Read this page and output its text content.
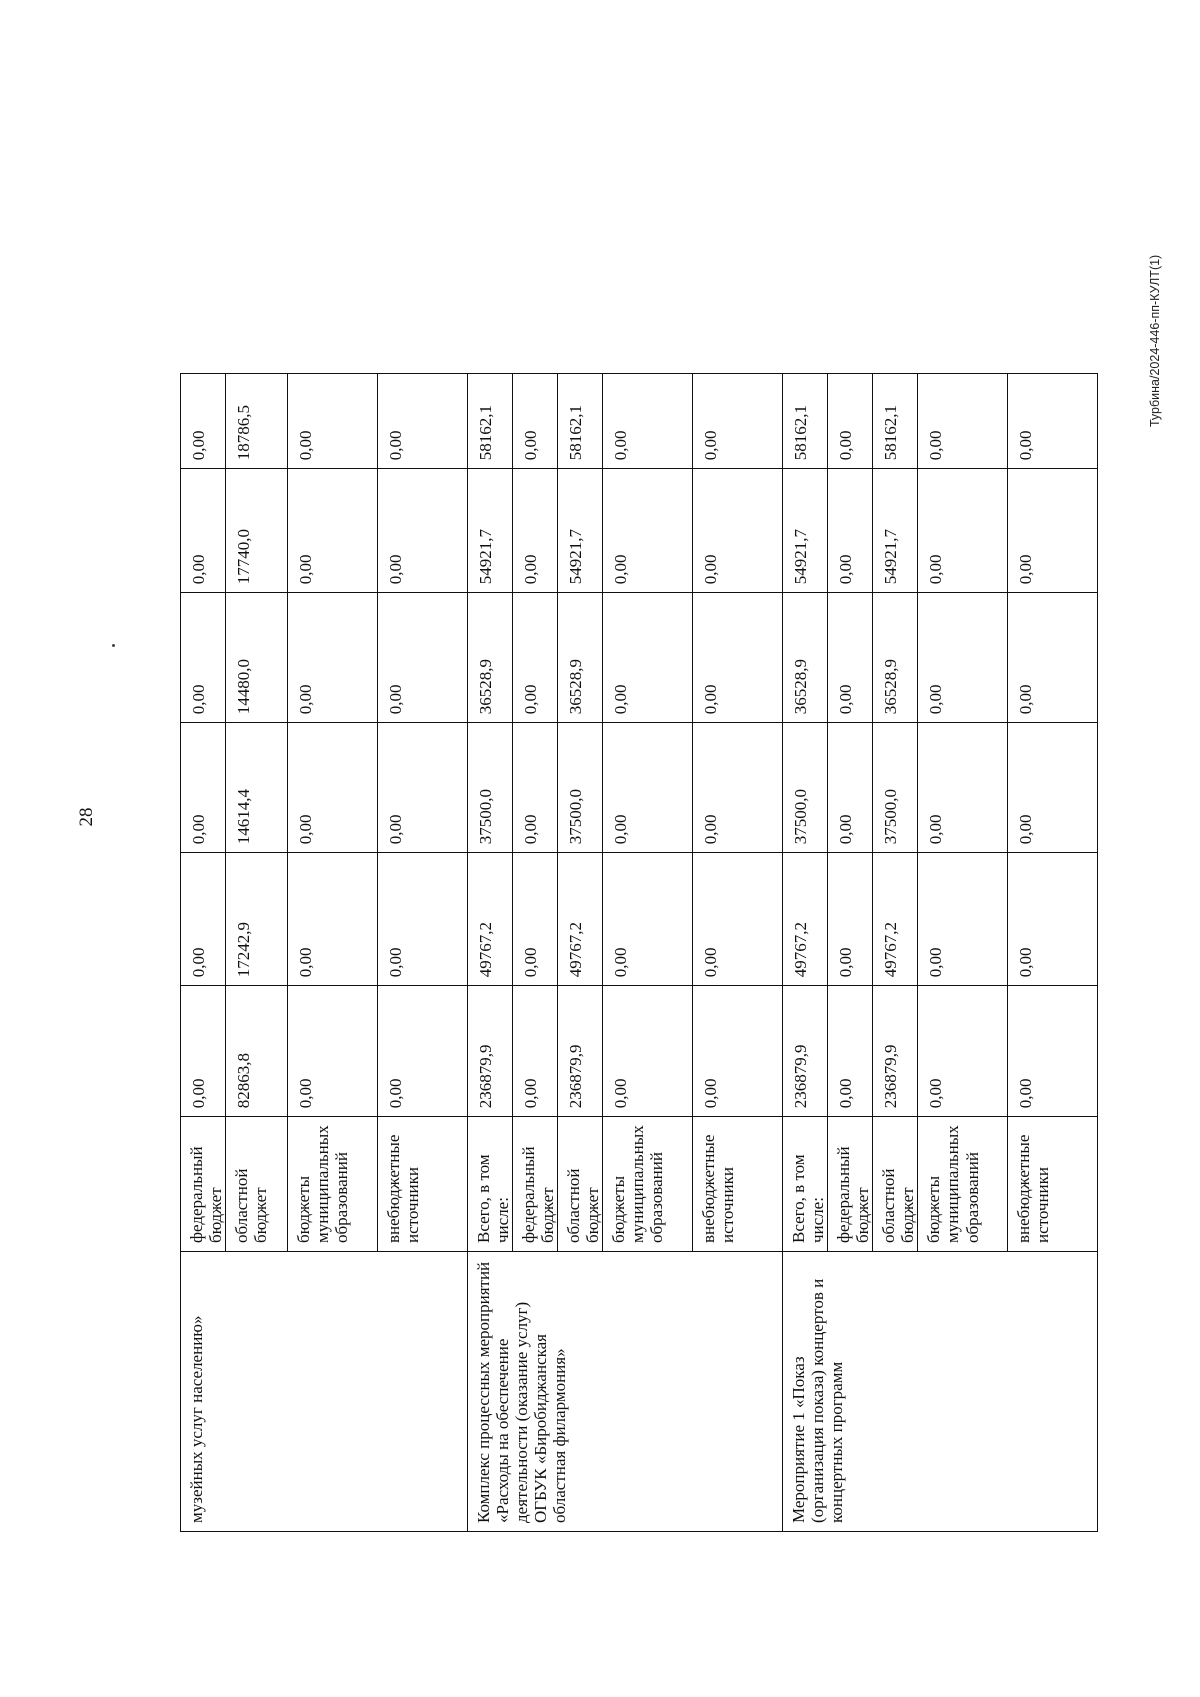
28
музейных услуг населению»	федеральный бюджет	0,00	0,00	0,00	0,00	0,00	0,00
	областной бюджет	82863,8	17242,9	14614,4	14480,0	17740,0	18786,5
	бюджеты муниципальных образований	0,00	0,00	0,00	0,00	0,00	0,00
	внебюджетные источники	0,00	0,00	0,00	0,00	0,00	0,00
Комплекс процессных мероприятий «Расходы на обеспечение деятельности (оказание услуг) ОГБУК «Биробиджанская областная филармония»	Всего, в том числе:	236879,9	49767,2	37500,0	36528,9	54921,7	58162,1
	федеральный бюджет	0,00	0,00	0,00	0,00	0,00	0,00
	областной бюджет	236879,9	49767,2	37500,0	36528,9	54921,7	58162,1
	бюджеты муниципальных образований	0,00	0,00	0,00	0,00	0,00	0,00
	внебюджетные источники	0,00	0,00	0,00	0,00	0,00	0,00
Мероприятие 1 «Показ (организация показа) концертов и концертных программ	Всего, в том числе:	236879,9	49767,2	37500,0	36528,9	54921,7	58162,1
	федеральный бюджет	0,00	0,00	0,00	0,00	0,00	0,00
	областной бюджет	236879,9	49767,2	37500,0	36528,9	54921,7	58162,1
	бюджеты муниципальных образований	0,00	0,00	0,00	0,00	0,00	0,00
	внебюджетные источники	0,00	0,00	0,00	0,00	0,00	0,00
Турбина/2024-446-пп-КУЛТ(1)
